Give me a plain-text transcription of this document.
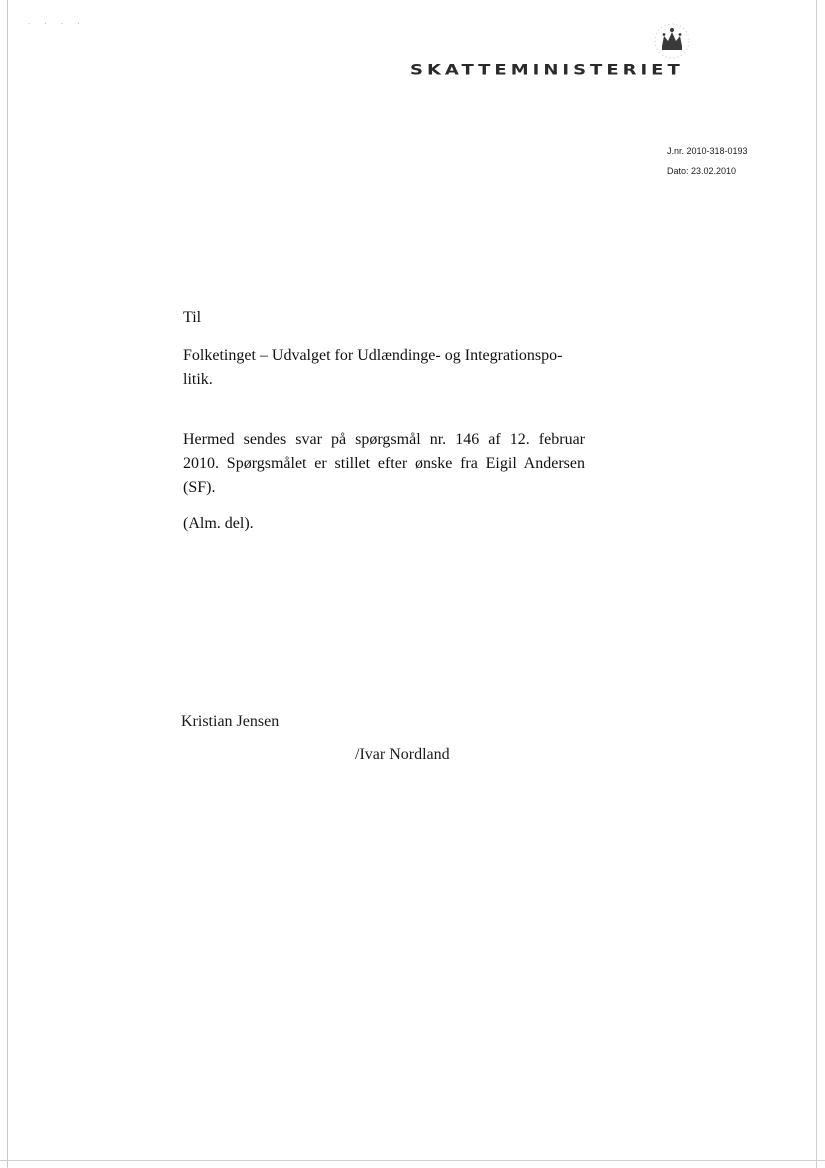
· · · ·
SKATTEMINISTERIET
J.nr. 2010-318-0193
Dato: 23.02.2010
Til
Folketinget – Udvalget for Udlændinge- og Integrationspo-
litik.
Hermed sendes svar på spørgsmål nr. 146 af 12. februar
2010. Spørgsmålet er stillet efter ønske fra Eigil Andersen
(SF).
(Alm. del).
Kristian Jensen
/Ivar Nordland
